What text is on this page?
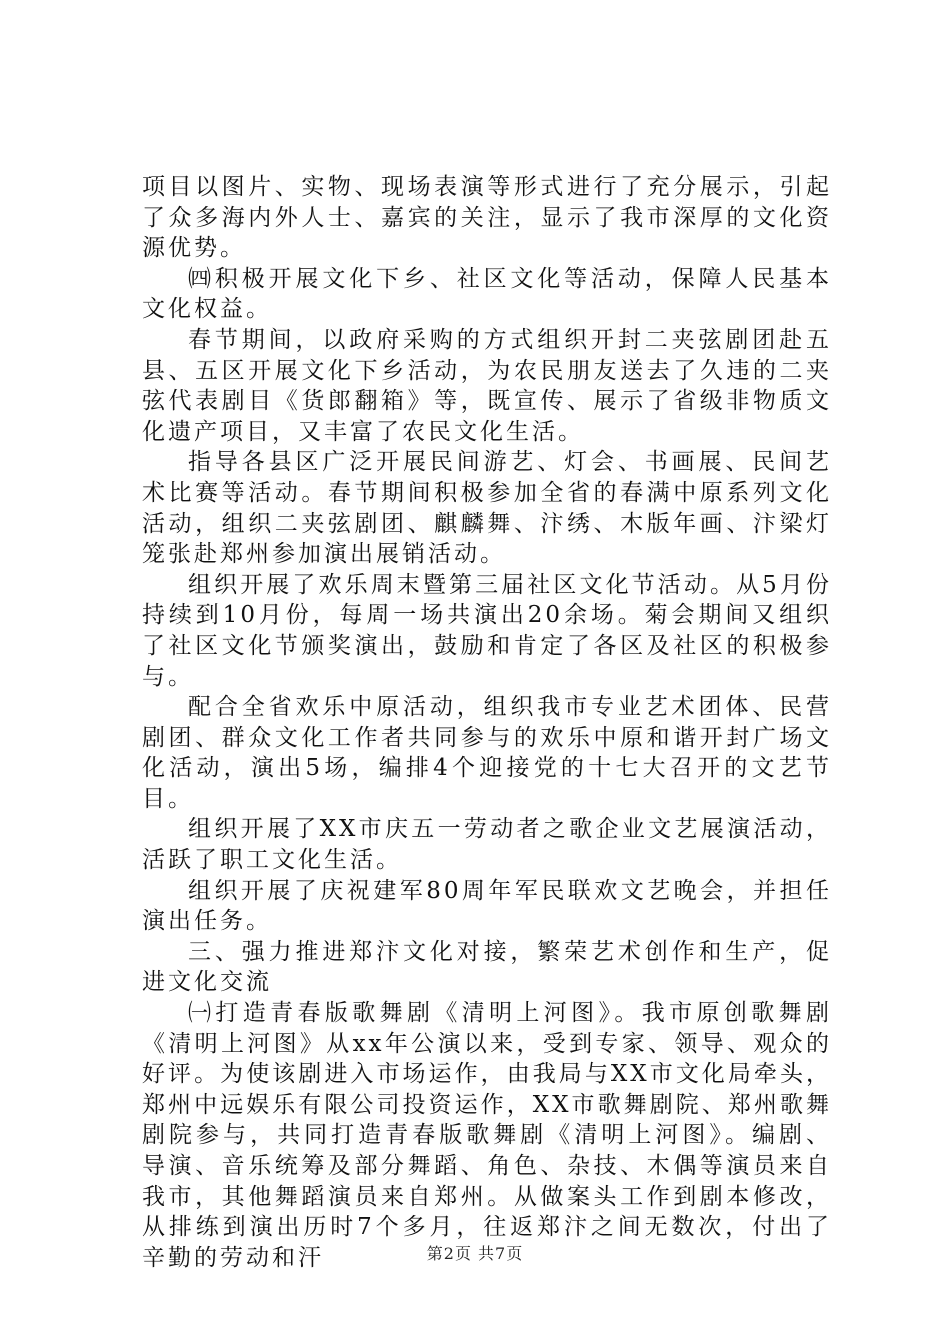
项目以图片、实物、现场表演等形式进行了充分展示，引起了众多海内外人士、嘉宾的关注，显示了我市深厚的文化资源优势。

㈣积极开展文化下乡、社区文化等活动，保障人民基本文化权益。

春节期间，以政府采购的方式组织开封二夹弦剧团赴五县、五区开展文化下乡活动，为农民朋友送去了久违的二夹弦代表剧目《货郎翻箱》等，既宣传、展示了省级非物质文化遗产项目，又丰富了农民文化生活。

指导各县区广泛开展民间游艺、灯会、书画展、民间艺术比赛等活动。春节期间积极参加全省的春满中原系列文化活动，组织二夹弦剧团、麒麟舞、汴绣、木版年画、汴梁灯笼张赴郑州参加演出展销活动。

组织开展了欢乐周末暨第三届社区文化节活动。从5月份持续到10月份，每周一场共演出20余场。菊会期间又组织了社区文化节颁奖演出，鼓励和肯定了各区及社区的积极参与。

配合全省欢乐中原活动，组织我市专业艺术团体、民营剧团、群众文化工作者共同参与的欢乐中原和谐开封广场文化活动，演出5场，编排4个迎接党的十七大召开的文艺节目。

组织开展了XX市庆五一劳动者之歌企业文艺展演活动，活跃了职工文化生活。

组织开展了庆祝建军80周年军民联欢文艺晚会，并担任演出任务。

三、强力推进郑汴文化对接，繁荣艺术创作和生产，促进文化交流

㈠打造青春版歌舞剧《清明上河图》。我市原创歌舞剧《清明上河图》从xx年公演以来，受到专家、领导、观众的好评。为使该剧进入市场运作，由我局与XX市文化局牵头，郑州中远娱乐有限公司投资运作，XX市歌舞剧院、郑州歌舞剧院参与，共同打造青春版歌舞剧《清明上河图》。编剧、导演、音乐统筹及部分舞蹈、角色、杂技、木偶等演员来自我市，其他舞蹈演员来自郑州。从做案头工作到剧本修改，从排练到演出历时7个多月，往返郑汴之间无数次，付出了辛勤的劳动和汗	第2页 共7页
